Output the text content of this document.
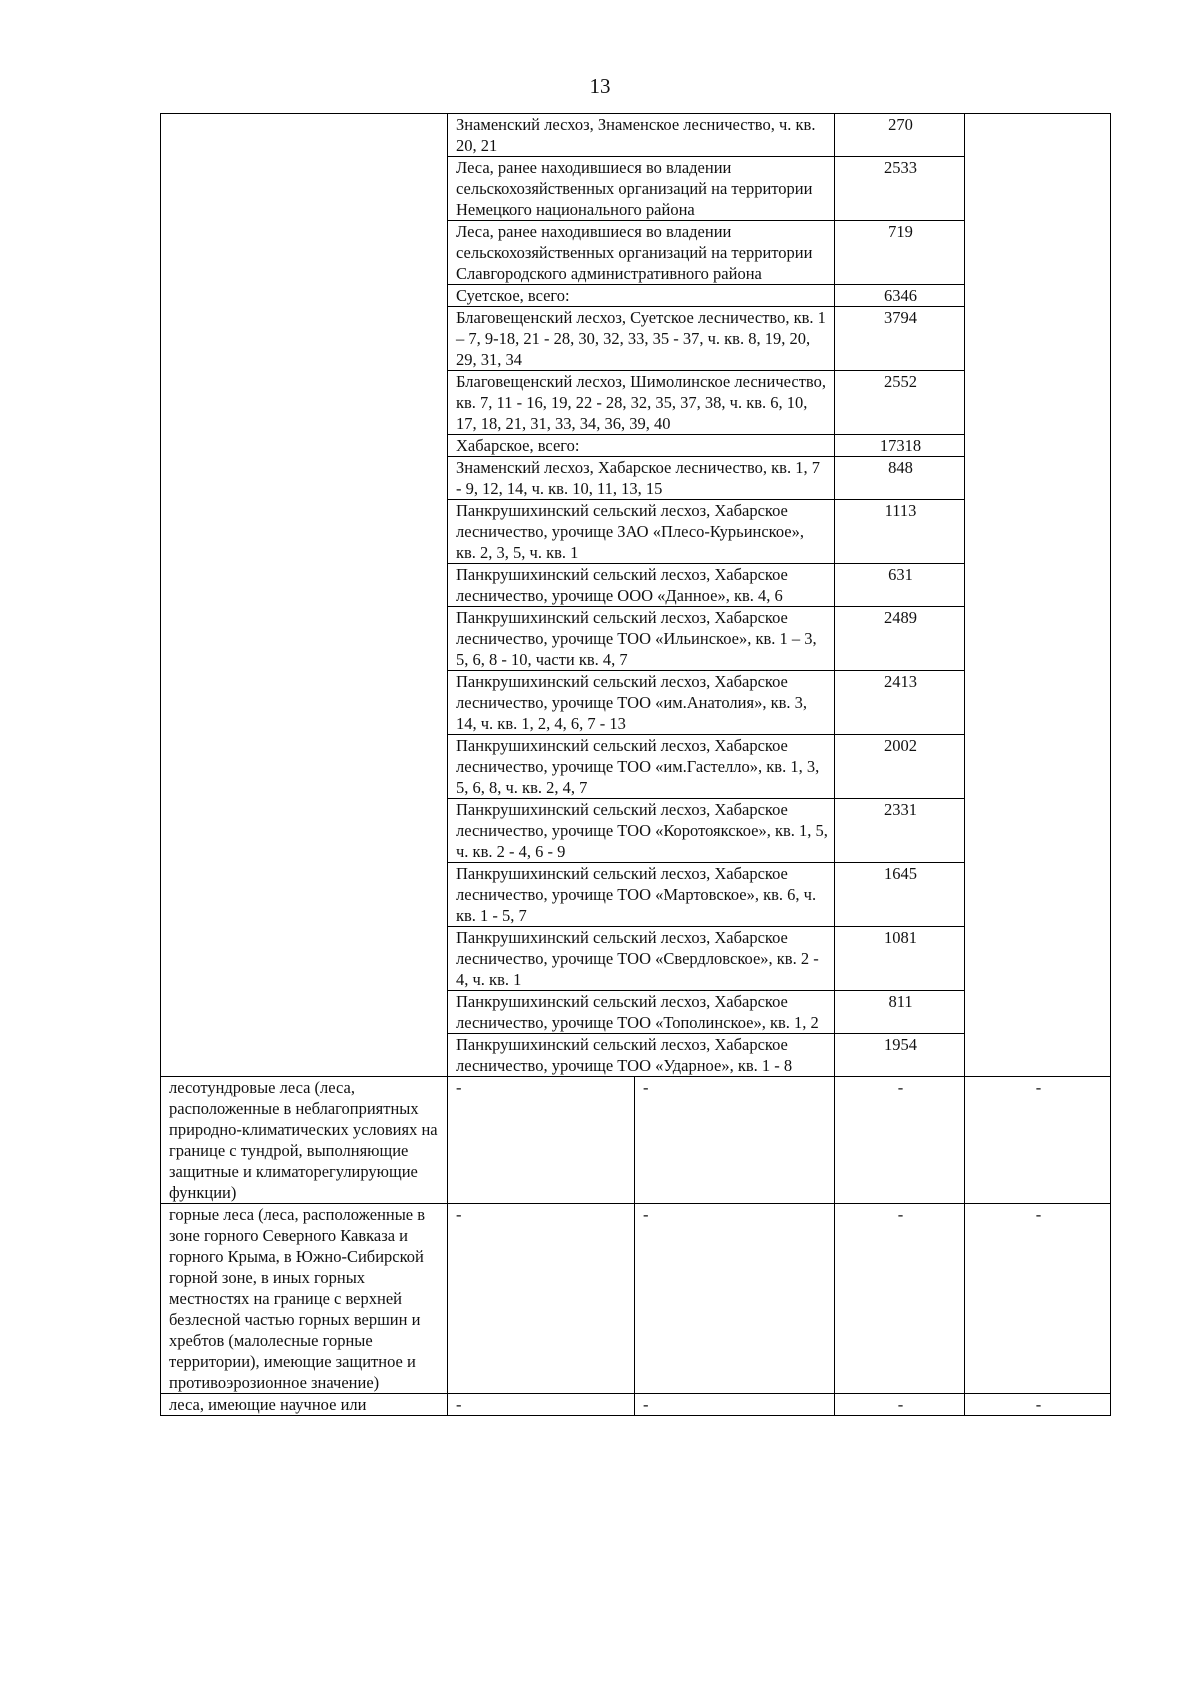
13
	Знаменский лесхоз, Знаменское лесничество, ч. кв. 20, 21		270	
	Леса, ранее находившиеся во владении сельскохозяйственных организаций на территории Немецкого национального района		2533	
	Леса, ранее находившиеся во владении сельскохозяйственных организаций на территории Славгородского административного района		719	
	Суетское, всего:		6346	
	Благовещенский лесхоз, Суетское лесничество, кв. 1 – 7, 9-18, 21 - 28, 30, 32, 33, 35 - 37, ч. кв. 8, 19, 20, 29, 31, 34		3794	
	Благовещенский лесхоз, Шимолинское лесничество, кв. 7, 11 - 16, 19, 22 - 28, 32, 35, 37, 38, ч. кв. 6, 10, 17, 18, 21, 31, 33, 34, 36, 39, 40		2552	
	Хабарское, всего:		17318	
	Знаменский лесхоз, Хабарское лесничество, кв. 1, 7 - 9, 12, 14, ч. кв. 10, 11, 13, 15		848	
	Панкрушихинский сельский лесхоз, Хабарское лесничество, урочище ЗАО «Плесо-Курьинское», кв. 2, 3, 5, ч. кв. 1		1113	
	Панкрушихинский сельский лесхоз, Хабарское лесничество, урочище ООО «Данное», кв. 4, 6		631	
	Панкрушихинский сельский лесхоз, Хабарское лесничество, урочище ТОО «Ильинское», кв. 1 – 3, 5, 6, 8 - 10, части кв. 4, 7		2489	
	Панкрушихинский сельский лесхоз, Хабарское лесничество, урочище ТОО «им.Анатолия», кв. 3, 14, ч. кв. 1, 2, 4, 6, 7 - 13		2413	
	Панкрушихинский сельский лесхоз, Хабарское лесничество, урочище ТОО «им.Гастелло», кв. 1, 3, 5, 6, 8, ч. кв. 2, 4, 7		2002	
	Панкрушихинский сельский лесхоз, Хабарское лесничество, урочище ТОО «Коротоякское», кв. 1, 5, ч. кв. 2 - 4, 6 - 9		2331	
	Панкрушихинский сельский лесхоз, Хабарское лесничество, урочище ТОО «Мартовское», кв. 6, ч. кв. 1 - 5, 7		1645	
	Панкрушихинский сельский лесхоз, Хабарское лесничество, урочище ТОО «Свердловское», кв. 2 - 4, ч. кв. 1		1081	
	Панкрушихинский сельский лесхоз, Хабарское лесничество, урочище ТОО «Тополинское», кв. 1, 2		811	
	Панкрушихинский сельский лесхоз, Хабарское лесничество, урочище ТОО «Ударное», кв. 1 - 8		1954	
лесотундровые леса (леса, расположенные в неблагоприятных природно-климатических условиях на границе с тундрой, выполняющие защитные и климаторегулирующие функции)	-	-	-	-
горные леса (леса, расположенные в зоне горного Северного Кавказа и горного Крыма, в Южно-Сибирской горной зоне, в иных горных местностях на границе с верхней безлесной частью горных вершин и хребтов (малолесные горные территории), имеющие защитное и противоэрозионное значение)	-	-	-	-
леса, имеющие научное или	-	-	-	-
